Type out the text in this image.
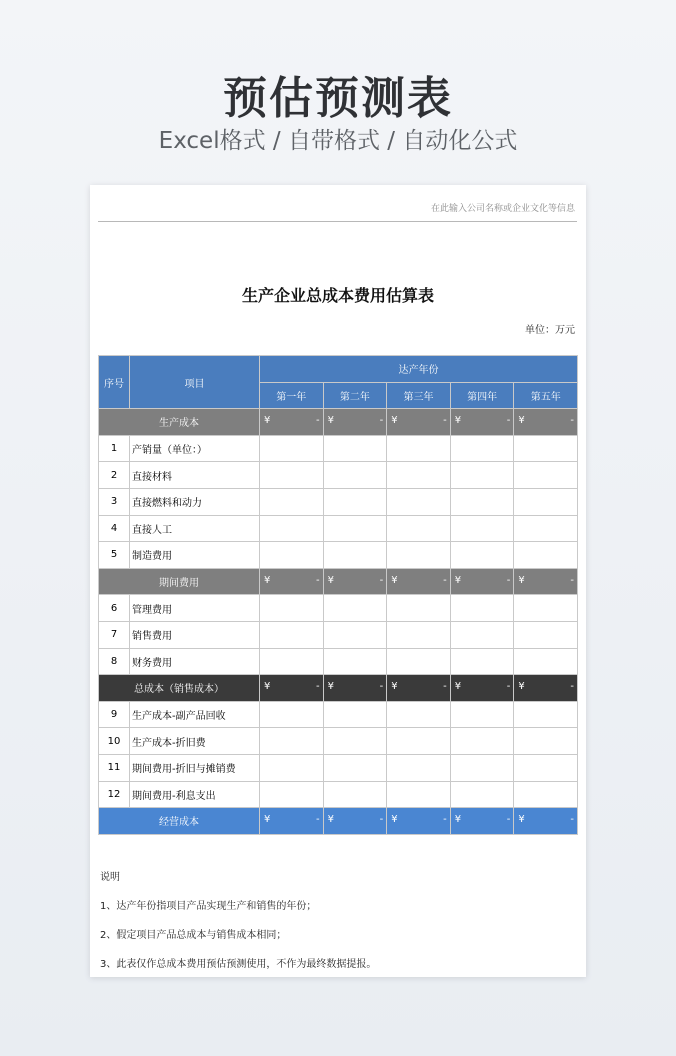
预估预测表
Excel格式 / 自带格式 / 自动化公式
在此输入公司名称或企业文化等信息
生产企业总成本费用估算表
单位：万元
序号	项目	达产年份				
		第一年	第二年	第三年	第四年	第五年
生产成本		¥ -	¥ -	¥ -	¥ -	¥ -

1	产销量（单位：）					
2	直接材料					
3	直接燃料和动力					
4	直接人工					
5	制造费用					
期间费用		¥ -	¥ -	¥ -	¥ -	¥ -

6	管理费用					
7	销售费用					
8	财务费用					
总成本（销售成本）		¥ -	¥ -	¥ -	¥ -	¥ -

9	生产成本-副产品回收					
10	生产成本-折旧费					
11	期间费用-折旧与摊销费					
12	期间费用-利息支出					
经营成本		¥ -	¥ -	¥ -	¥ -	¥ -
说明
1、达产年份指项目产品实现生产和销售的年份；
2、假定项目产品总成本与销售成本相同；
3、此表仅作总成本费用预估预测使用，不作为最终数据提报。
